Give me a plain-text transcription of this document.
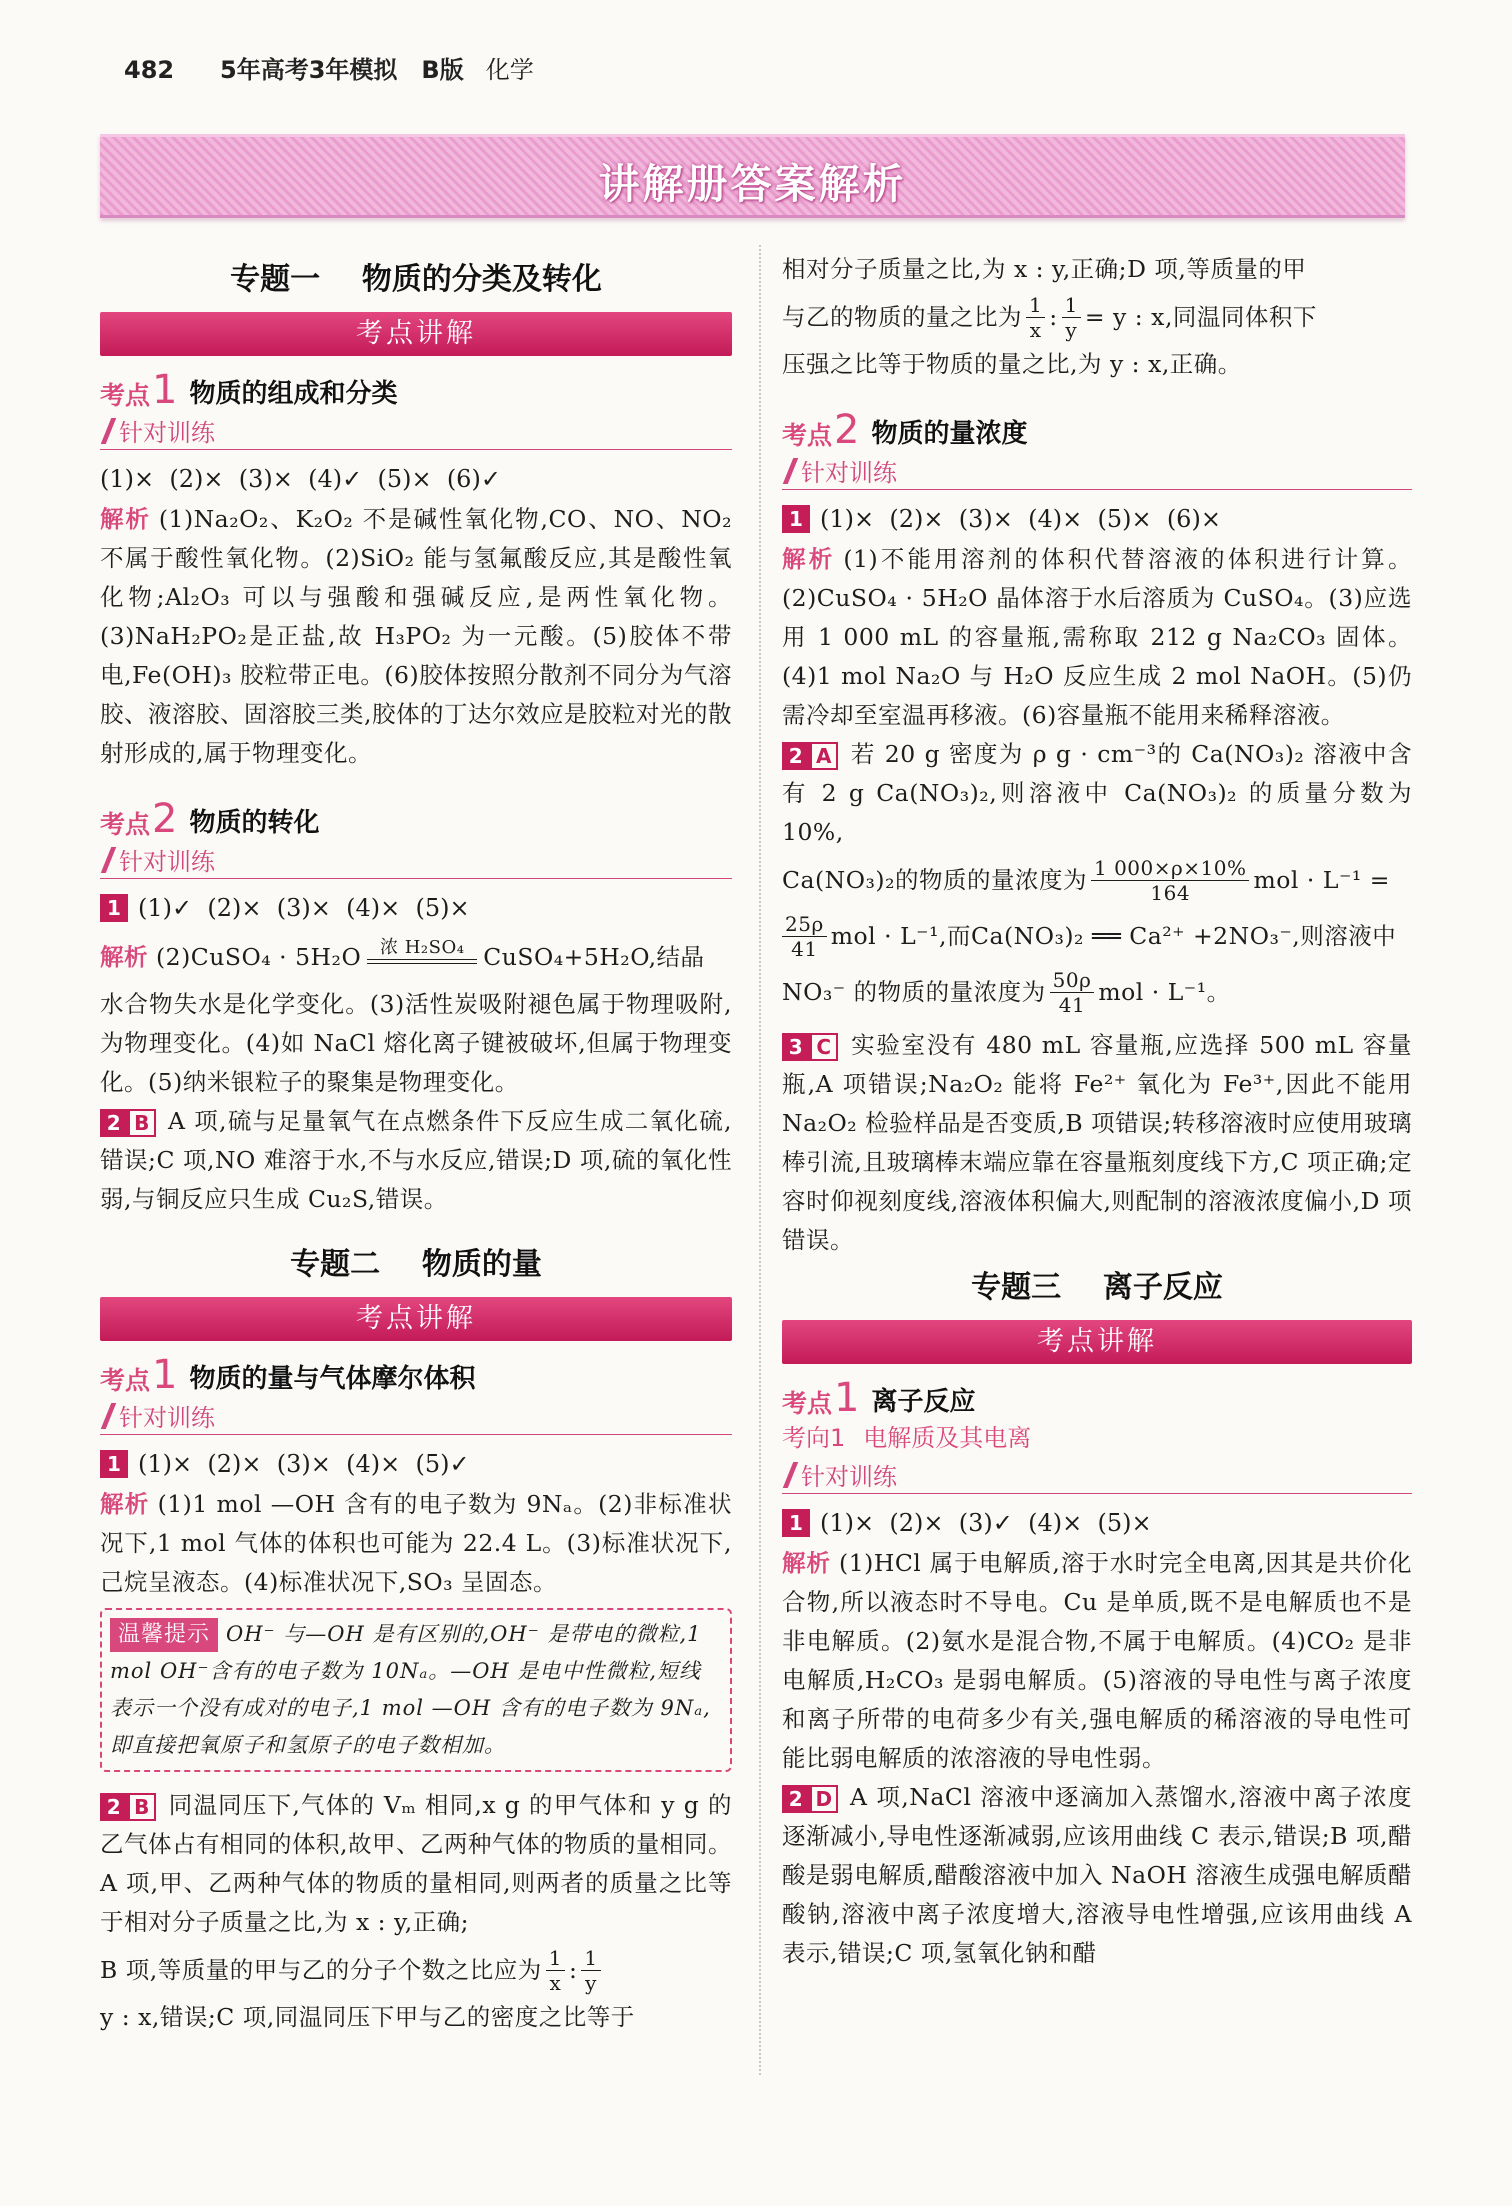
482 5年高考3年模拟 B版 化学
讲解册答案解析
专题一    物质的分类及转化
考点讲解
考点 1 物质的组成和分类
针对训练
(1)×  (2)×  (3)×  (4)✓  (5)×  (6)✓
解析 (1)Na₂O₂、K₂O₂ 不是碱性氧化物,CO、NO、NO₂ 不属于酸性氧化物。(2)SiO₂ 能与氢氟酸反应,其是酸性氧化物;Al₂O₃ 可以与强酸和强碱反应,是两性氧化物。(3)NaH₂PO₂是正盐,故 H₃PO₂ 为一元酸。(5)胶体不带电,Fe(OH)₃ 胶粒带正电。(6)胶体按照分散剂不同分为气溶胶、液溶胶、固溶胶三类,胶体的丁达尔效应是胶粒对光的散射形成的,属于物理变化。
考点 2 物质的转化
针对训练
1 (1)✓  (2)×  (3)×  (4)×  (5)×
解析 (2)CuSO₄ · 5H₂O	浓 H₂SO₄ CuSO₄+5H₂O,结晶
水合物失水是化学变化。(3)活性炭吸附褪色属于物理吸附,为物理变化。(4)如 NaCl 熔化离子键被破坏,但属于物理变化。(5)纳米银粒子的聚集是物理变化。
2 B A 项,硫与足量氧气在点燃条件下反应生成二氧化硫,错误;C 项,NO 难溶于水,不与水反应,错误;D 项,硫的氧化性弱,与铜反应只生成 Cu₂S,错误。
专题二    物质的量
考点讲解
考点 1 物质的量与气体摩尔体积
针对训练
1 (1)×  (2)×  (3)×  (4)×  (5)✓
解析 (1)1 mol —OH 含有的电子数为 9Nₐ。(2)非标准状况下,1 mol 气体的体积也可能为 22.4 L。(3)标准状况下,己烷呈液态。(4)标准状况下,SO₃ 呈固态。
温馨提示 OH⁻ 与—OH 是有区别的,OH⁻ 是带电的微粒,1 mol OH⁻含有的电子数为 10Nₐ。—OH 是电中性微粒,短线表示一个没有成对的电子,1 mol —OH 含有的电子数为 9Nₐ,即直接把氧原子和氢原子的电子数相加。
2 B 同温同压下,气体的 Vₘ 相同,x g 的甲气体和 y g 的乙气体占有相同的体积,故甲、乙两种气体的物质的量相同。A 项,甲、乙两种气体的物质的量相同,则两者的质量之比等于相对分子质量之比,为 x : y,正确;
B 项,等质量的甲与乙的分子个数之比应为 $\frac{1}{x}$ : $\frac{1}{y}$
y : x,错误;C 项,同温同压下甲与乙的密度之比等于
相对分子质量之比,为 x : y,正确;D 项,等质量的甲
与乙的物质的量之比为 $\frac{1}{x}$ : $\frac{1}{y} = y$ : x,同温同体积下
压强之比等于物质的量之比,为 y : x,正确。
考点 2 物质的量浓度
针对训练
1 (1)×  (2)×  (3)×  (4)×  (5)×  (6)×
解析 (1)不能用溶剂的体积代替溶液的体积进行计算。(2)CuSO₄ · 5H₂O 晶体溶于水后溶质为 CuSO₄。(3)应选用 1 000 mL 的容量瓶,需称取 212 g Na₂CO₃ 固体。(4)1 mol Na₂O 与 H₂O 反应生成 2 mol NaOH。(5)仍需冷却至室温再移液。(6)容量瓶不能用来稀释溶液。
2 A 若 20 g 密度为 ρ g · cm⁻³的 Ca(NO₃)₂ 溶液中含有 2 g Ca(NO₃)₂,则溶液中 Ca(NO₃)₂ 的质量分数为 10%,
Ca(NO₃)₂的物质的量浓度为 $\frac{1 000\times\rho\times 10\%}{164}$ mol · L⁻¹ =
$\frac{25\rho}{41}$ mol · L⁻¹,而Ca(NO₃)₂ ══ Ca²⁺ +2NO₃⁻,则溶液中
NO₃⁻ 的物质的量浓度为 $\frac{50\rho}{41}$ mol · L⁻¹。
3 C 实验室没有 480 mL 容量瓶,应选择 500 mL 容量瓶,A 项错误;Na₂O₂ 能将 Fe²⁺ 氧化为 Fe³⁺,因此不能用 Na₂O₂ 检验样品是否变质,B 项错误;转移溶液时应使用玻璃棒引流,且玻璃棒末端应靠在容量瓶刻度线下方,C 项正确;定容时仰视刻度线,溶液体积偏大,则配制的溶液浓度偏小,D 项错误。
专题三    离子反应
考点讲解
考点 1 离子反应
考向1 电解质及其电离
针对训练
1 (1)×  (2)×  (3)✓  (4)×  (5)×
解析 (1)HCl 属于电解质,溶于水时完全电离,因其是共价化合物,所以液态时不导电。Cu 是单质,既不是电解质也不是非电解质。(2)氨水是混合物,不属于电解质。(4)CO₂ 是非电解质,H₂CO₃ 是弱电解质。(5)溶液的导电性与离子浓度和离子所带的电荷多少有关,强电解质的稀溶液的导电性可能比弱电解质的浓溶液的导电性弱。
2 D A 项,NaCl 溶液中逐滴加入蒸馏水,溶液中离子浓度逐渐减小,导电性逐渐减弱,应该用曲线 C 表示,错误;B 项,醋酸是弱电解质,醋酸溶液中加入 NaOH 溶液生成强电解质醋酸钠,溶液中离子浓度增大,溶液导电性增强,应该用曲线 A 表示,错误;C 项,氢氧化钠和醋
